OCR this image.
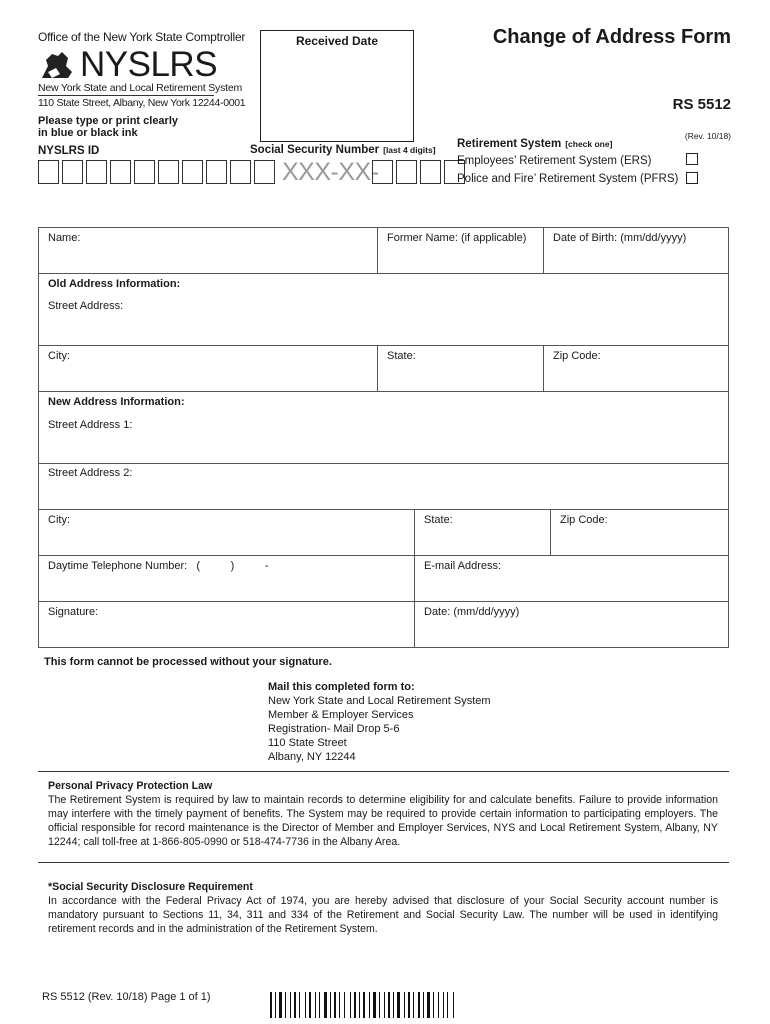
Office of the New York State Comptroller
NYSLRS
New York State and Local Retirement System
110 State Street, Albany, New York 12244-0001
Please type or print clearly in blue or black ink
Received Date	Change of Address Form
RS 5512
(Rev. 10/18)
NYSLRS ID	Social Security Number [last 4 digits]
XXX-XX-
Retirement System [check one]
Employees’ Retirement System (ERS)
Police and Fire’ Retirement System (PFRS)
Name:	Former Name: (if applicable)	Date of Birth: (mm/dd/yyyy)
Old Address Information:
Street Address:
City:	State:	Zip Code:
New Address Information:
Street Address 1:
Street Address 2:
City:	State:	Zip Code:
Daytime Telephone Number:   (          )          -	E-mail Address:
Signature:	Date: (mm/dd/yyyy)
This form cannot be processed without your signature.
Mail this completed form to:
New York State and Local Retirement System
Member & Employer Services
Registration- Mail Drop 5-6
110 State Street
Albany, NY 12244
Personal Privacy Protection Law
The Retirement System is required by law to maintain records to determine eligibility for and calculate benefits. Failure to provide information may interfere with the timely payment of benefits. The System may be required to provide certain information to participating employers. The official responsible for record maintenance is the Director of Member and Employer Services, NYS and Local Retirement System, Albany, NY 12244; call toll-free at 1-866-805-0990 or 518-474-7736 in the Albany Area.
*Social Security Disclosure Requirement
In accordance with the Federal Privacy Act of 1974, you are hereby advised that disclosure of your Social Security account number is mandatory pursuant to Sections 11, 34, 311 and 334 of the Retirement and Social Security Law. The number will be used in identifying retirement records and in the administration of the Retirement System.
RS 5512 (Rev. 10/18) Page 1 of 1)
